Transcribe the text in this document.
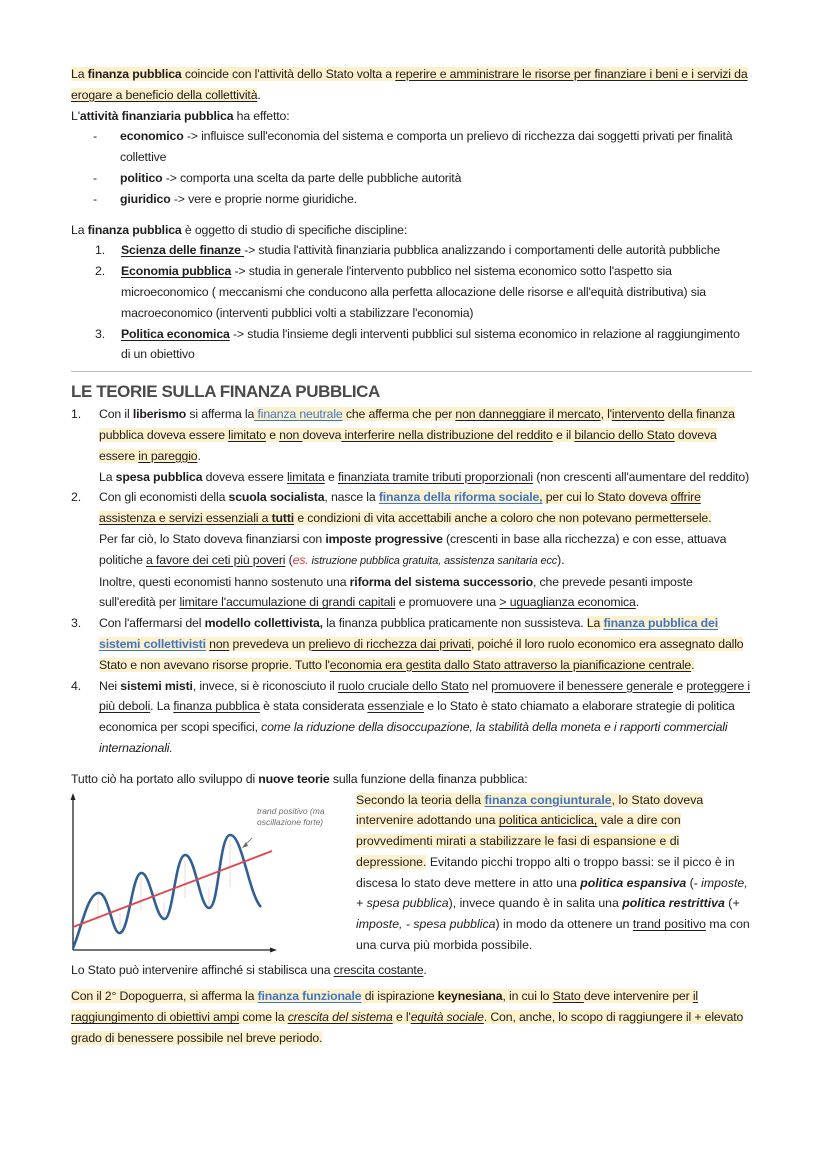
La finanza pubblica coincide con l'attività dello Stato volta a reperire e amministrare le risorse per finanziare i beni e i servizi da erogare a beneficio della collettività.

L'attività finanziaria pubblica ha effetto:

- economico -> influisce sull'economia del sistema e comporta un prelievo di ricchezza dai soggetti privati per finalità collettive
- politico -> comporta una scelta da parte delle pubbliche autorità
- giuridico -> vere e proprie norme giuridiche.

La finanza pubblica è oggetto di studio di specifiche discipline:

1. Scienza delle finanze -> studia l'attività finanziaria pubblica analizzando i comportamenti delle autorità pubbliche
2. Economia pubblica -> studia in generale l'intervento pubblico nel sistema economico sotto l'aspetto sia microeconomico ( meccanismi che conducono alla perfetta allocazione delle risorse e all'equità distributiva) sia macroeconomico (interventi pubblici volti a stabilizzare l'economia)
3. Politica economica -> studia l'insieme degli interventi pubblici sul sistema economico in relazione al raggiungimento di un obiettivo
LE TEORIE SULLA FINANZA PUBBLICA
1. Con il liberismo si afferma la finanza neutrale che afferma che per non danneggiare il mercato, l'intervento della finanza pubblica doveva essere limitato e non doveva interferire nella distribuzione del reddito e il bilancio dello Stato doveva essere in pareggio.
La spesa pubblica doveva essere limitata e finanziata tramite tributi proporzionali (non crescenti all'aumentare del reddito)
2. Con gli economisti della scuola socialista, nasce la finanza della riforma sociale, per cui lo Stato doveva offrire assistenza e servizi essenziali a tutti e condizioni di vita accettabili anche a coloro che non potevano permettersele.
Per far ciò, lo Stato doveva finanziarsi con imposte progressive (crescenti in base alla ricchezza) e con esse, attuava politiche a favore dei ceti più poveri (es. istruzione pubblica gratuita, assistenza sanitaria ecc).
Inoltre, questi economisti hanno sostenuto una riforma del sistema successorio, che prevede pesanti imposte sull'eredità per limitare l'accumulazione di grandi capitali e promuovere una > uguaglianza economica.
3. Con l'affermarsi del modello collettivista, la finanza pubblica praticamente non sussisteva. La finanza pubblica dei sistemi collettivisti non prevedeva un prelievo di ricchezza dai privati, poiché il loro ruolo economico era assegnato dallo Stato e non avevano risorse proprie. Tutto l'economia era gestita dallo Stato attraverso la pianificazione centrale.
4. Nei sistemi misti, invece, si è riconosciuto il ruolo cruciale dello Stato nel promuovere il benessere generale e proteggere i più deboli. La finanza pubblica è stata considerata essenziale e lo Stato è stato chiamato a elaborare strategie di politica economica per scopi specifici, come la riduzione della disoccupazione, la stabilità della moneta e i rapporti commerciali internazionali.

Tutto ciò ha portato allo sviluppo di nuove teorie sulla funzione della finanza pubblica:

trand positivo (ma oscillazione forte)
Secondo la teoria della finanza congiunturale, lo Stato doveva intervenire adottando una politica anticiclica, vale a dire con provvedimenti mirati a stabilizzare le fasi di espansione e di depressione. Evitando picchi troppo alti o troppo bassi: se il picco è in discesa lo stato deve mettere in atto una politica espansiva (- imposte, + spesa pubblica), invece quando è in salita una politica restrittiva (+ imposte, - spesa pubblica) in modo da ottenere un trand positivo ma con una curva più morbida possibile.

Lo Stato può intervenire affinché si stabilisca una crescita costante.

Con il 2° Dopoguerra, si afferma la finanza funzionale di ispirazione keynesiana, in cui lo Stato deve intervenire per il raggiungimento di obiettivi ampi come la crescita del sistema e l'equità sociale. Con, anche, lo scopo di raggiungere il + elevato grado di benessere possibile nel breve periodo.
